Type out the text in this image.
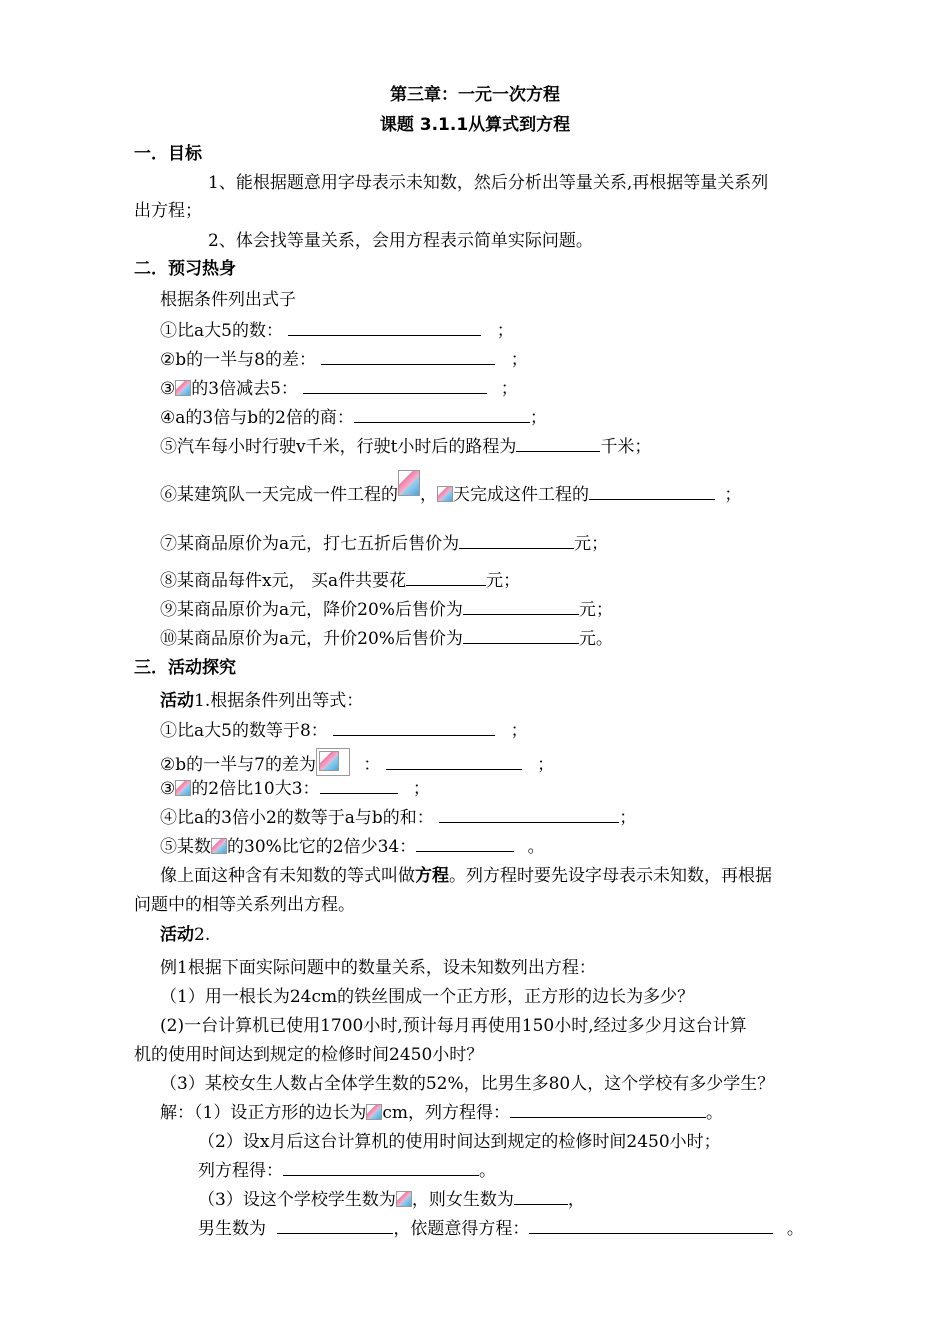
第三章：一元一次方程
课题 3.1.1从算式到方程
一．目标
1、能根据题意用字母表示未知数，然后分析出等量关系,再根据等量关系列
出方程；
2、体会找等量关系，会用方程表示简单实际问题。
二．预习热身
根据条件列出式子
①比a大5的数：	；
②b的一半与8的差：	；
③ 的3倍减去5：	；
④a的3倍与b的2倍的商：	；
⑤汽车每小时行驶v千米，行驶t小时后的路程为	千米；
⑥某建筑队一天完成一件工程的 ， 天完成这件工程的	；
⑦某商品原价为a元，打七五折后售价为	元；
⑧某商品每件x元， 买a件共要花	元；
⑨某商品原价为a元，降价20%后售价为	元；
⑩某商品原价为a元，升价20%后售价为	元。
三．活动探究
活动1.根据条件列出等式：
①比a大5的数等于8：	；
②b的一半与7的差为	：	；
③ 的2倍比10大3：	；
④比a的3倍小2的数等于a与b的和：	；
⑤某数 的30%比它的2倍少34：	。
像上面这种含有未知数的等式叫做方程。列方程时要先设字母表示未知数，再根据
问题中的相等关系列出方程。
活动2.
例1根据下面实际问题中的数量关系，设未知数列出方程：
（1）用一根长为24cm的铁丝围成一个正方形，正方形的边长为多少？
(2)一台计算机已使用1700小时,预计每月再使用150小时,经过多少月这台计算
机的使用时间达到规定的检修时间2450小时？
（3）某校女生人数占全体学生数的52%，比男生多80人，这个学校有多少学生？
解：（1）设正方形的边长为 cm，列方程得：	。
（2）设x月后这台计算机的使用时间达到规定的检修时间2450小时；
列方程得：	。
（3）设这个学校学生数为 ，则女生数为	，
男生数为	，依题意得方程：	。
